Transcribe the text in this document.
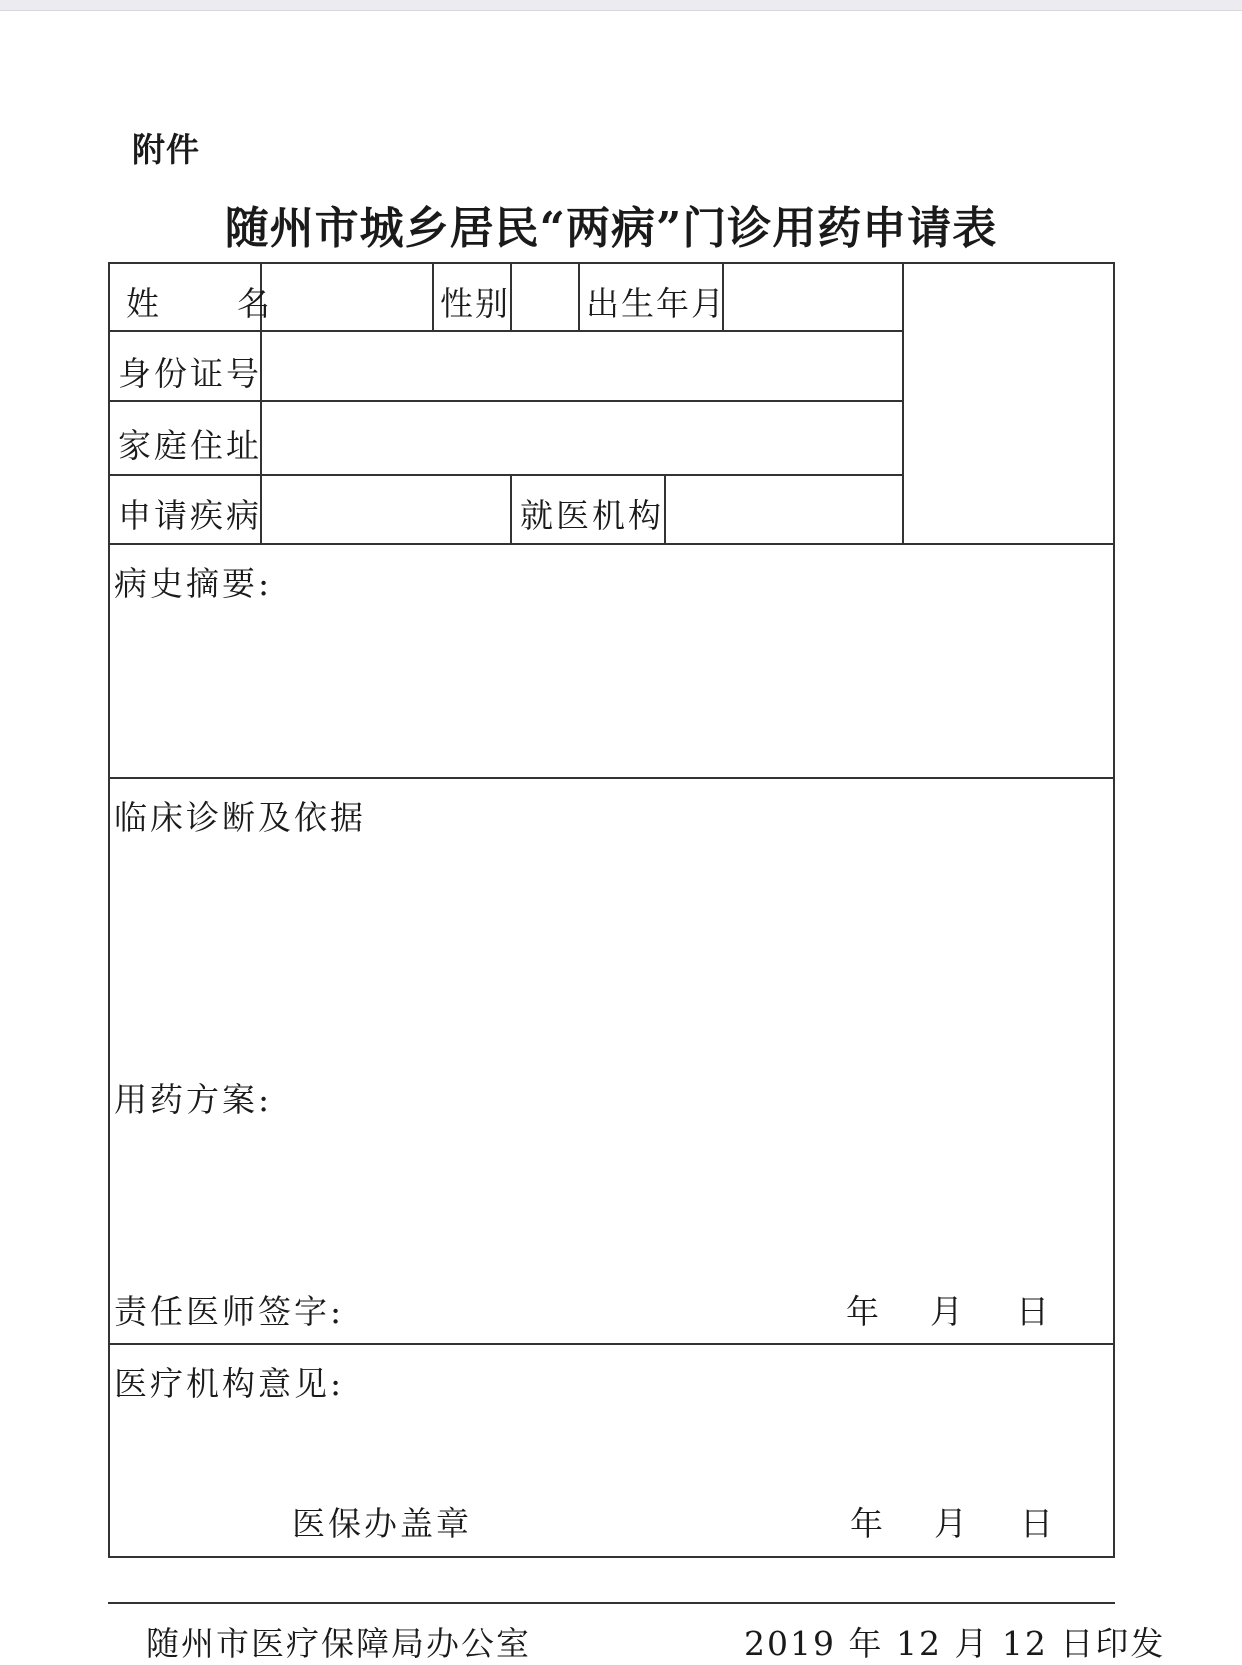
附件
随州市城乡居民“两病”门诊用药申请表
姓　　名	性别 出生年月
身份证号
家庭住址
申请疾病	就医机构
病史摘要:
临床诊断及依据
用药方案:
责任医师签字:	年 月 日
医疗机构意见:
医保办盖章	年 月 日
随州市医疗保障局办公室	2019 年 12 月 12 日印发
